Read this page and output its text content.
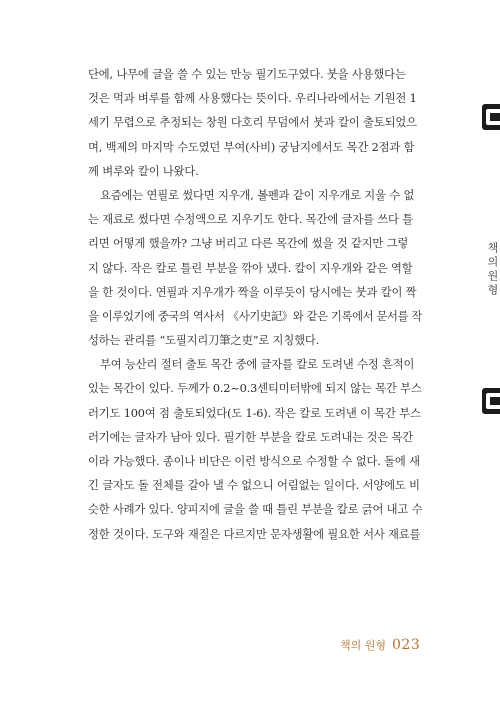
단에, 나무에 글을 쓸 수 있는 만능 필기도구였다. 붓을 사용했다는
것은 먹과 벼루를 함께 사용했다는 뜻이다. 우리나라에서는 기원전 1
세기 무렵으로 추정되는 창원 다호리 무덤에서 붓과 칼이 출토되었으
며, 백제의 마지막 수도였던 부여(사비) 궁남지에서도 목간 2점과 함
께 벼루와 칼이 나왔다.
요즘에는 연필로 썼다면 지우개, 볼펜과 같이 지우개로 지울 수 없
는 재료로 썼다면 수정액으로 지우기도 한다. 목간에 글자를 쓰다 틀
리면 어떻게 했을까? 그냥 버리고 다른 목간에 썼을 것 같지만 그렇
지 않다. 작은 칼로 틀린 부분을 깎아 냈다. 칼이 지우개와 같은 역할
을 한 것이다. 연필과 지우개가 짝을 이루듯이 당시에는 붓과 칼이 짝
을 이루었기에 중국의 역사서 《사기史記》와 같은 기록에서 문서를 작
성하는 관리를 “도필지리刀筆之吏”로 지칭했다.
부여 능산리 절터 출토 목간 중에 글자를 칼로 도려낸 수정 흔적이
있는 목간이 있다. 두께가 0.2~0.3센티미터밖에 되지 않는 목간 부스
러기도 100여 점 출토되었다(도 1-6). 작은 칼로 도려낸 이 목간 부스
러기에는 글자가 남아 있다. 필기한 부분을 칼로 도려내는 것은 목간
이라 가능했다. 종이나 비단은 이런 방식으로 수정할 수 없다. 돌에 새
긴 글자도 돌 전체를 갈아 낼 수 없으니 어림없는 일이다. 서양에도 비
슷한 사례가 있다. 양피지에 글을 쓸 때 틀린 부분을 칼로 긁어 내고 수
정한 것이다. 도구와 재질은 다르지만 문자생활에 필요한 서사 재료를
책의 원형 023
책의원형
